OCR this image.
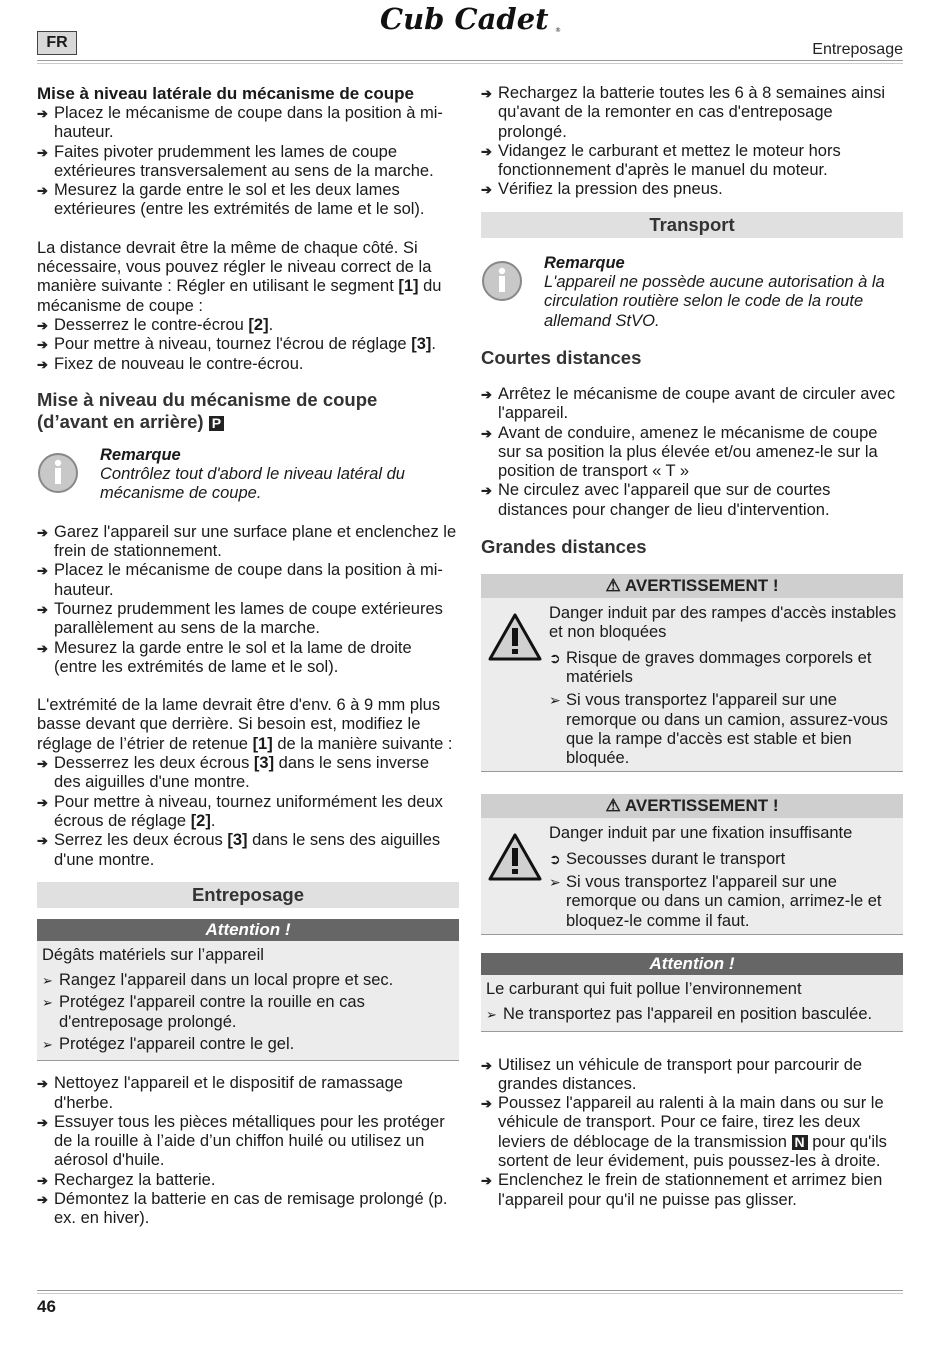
Cub Cadet ®
FR	Entreposage
Mise à niveau latérale du mécanisme de coupe

➔ Placez le mécanisme de coupe dans la position à mi-hauteur.

➔ Faites pivoter prudemment les lames de coupe extérieures transversalement au sens de la marche.

➔ Mesurez la garde entre le sol et les deux lames extérieures (entre les extrémités de lame et le sol).

La distance devrait être la même de chaque côté. Si nécessaire, vous pouvez régler le niveau correct de la manière suivante : Régler en utilisant le segment [1] du mécanisme de coupe :

➔ Desserrez le contre-écrou [2].

➔ Pour mettre à niveau, tournez l'écrou de réglage [3].

➔ Fixez de nouveau le contre-écrou.

Mise à niveau du mécanisme de coupe
(d’avant en arrière) P

Remarque

Contrôlez tout d'abord le niveau latéral du mécanisme de coupe.

➔ Garez l'appareil sur une surface plane et enclenchez le frein de stationnement.

➔ Placez le mécanisme de coupe dans la position à mi-hauteur.

➔ Tournez prudemment les lames de coupe extérieures parallèlement au sens de la marche.

➔ Mesurez la garde entre le sol et la lame de droite (entre les extrémités de lame et le sol).

L'extrémité de la lame devrait être d'env. 6 à 9 mm plus basse devant que derrière. Si besoin est, modifiez le réglage de l’étrier de retenue [1] de la manière suivante :

➔ Desserrez les deux écrous [3] dans le sens inverse des aiguilles d'une montre.

➔ Pour mettre à niveau, tournez uniformément les deux écrous de réglage [2].

➔ Serrez les deux écrous [3] dans le sens des aiguilles d'une montre.

Entreposage
Attention !

Dégâts matériels sur l’appareil

➢ Rangez l'appareil dans un local propre et sec.

➢ Protégez l'appareil contre la rouille en cas d'entreposage prolongé.

➢ Protégez l'appareil contre le gel.

➔ Nettoyez l'appareil et le dispositif de ramassage d'herbe.

➔ Essuyer tous les pièces métalliques pour les protéger de la rouille à l’aide d’un chiffon huilé ou utilisez un aérosol d'huile.

➔ Rechargez la batterie.

➔ Démontez la batterie en cas de remisage prolongé (p. ex. en hiver).

➔ Rechargez la batterie toutes les 6 à 8 semaines ainsi qu'avant de la remonter en cas d'entreposage prolongé.

➔ Vidangez le carburant et mettez le moteur hors fonctionnement d'après le manuel du moteur.

➔ Vérifiez la pression des pneus.

Transport

Remarque

L'appareil ne possède aucune autorisation à la circulation routière selon le code de la route allemand StVO.

Courtes distances

➔ Arrêtez le mécanisme de coupe avant de circuler avec l'appareil.

➔ Avant de conduire, amenez le mécanisme de coupe sur sa position la plus élevée et/ou amenez-le sur la position de transport « T »

➔ Ne circulez avec l'appareil que sur de courtes distances pour changer de lieu d'intervention.

Grandes distances
⚠ AVERTISSEMENT !

Danger induit par des rampes d'accès instables et non bloquées

➲ Risque de graves dommages corporels et matériels

➢ Si vous transportez l'appareil sur une remorque ou dans un camion, assurez-vous que la rampe d'accès est stable et bien bloquée.

⚠ AVERTISSEMENT !

Danger induit par une fixation insuffisante

➲ Secousses durant le transport

➢ Si vous transportez l'appareil sur une remorque ou dans un camion, arrimez-le et bloquez-le comme il faut.

Attention !

Le carburant qui fuit pollue l’environnement

➢ Ne transportez pas l'appareil en position basculée.

➔ Utilisez un véhicule de transport pour parcourir de grandes distances.

➔ Poussez l'appareil au ralenti à la main dans ou sur le véhicule de transport. Pour ce faire, tirez les deux leviers de déblocage de la transmission N pour qu'ils sortent de leur évidement, puis poussez-les à droite.

➔ Enclenchez le frein de stationnement et arrimez bien l'appareil pour qu'il ne puisse pas glisser.

46
